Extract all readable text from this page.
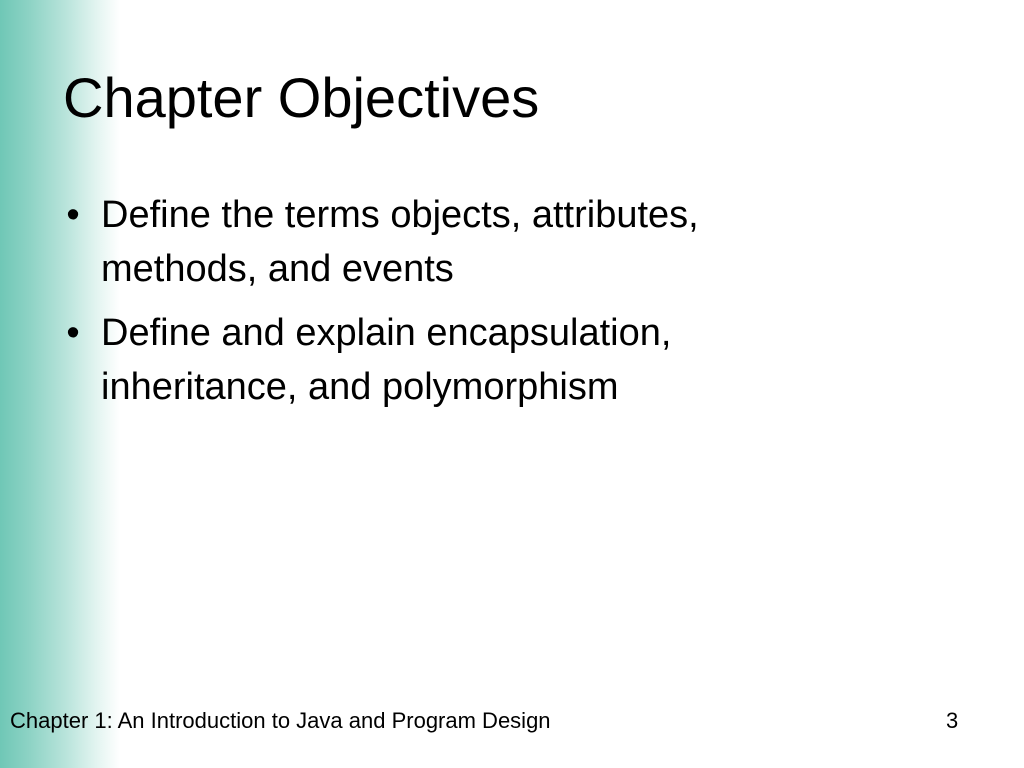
Chapter Objectives
• Define the terms objects, attributes, methods, and events
• Define and explain encapsulation, inheritance, and polymorphism
Chapter 1: An Introduction to Java and Program Design	3
